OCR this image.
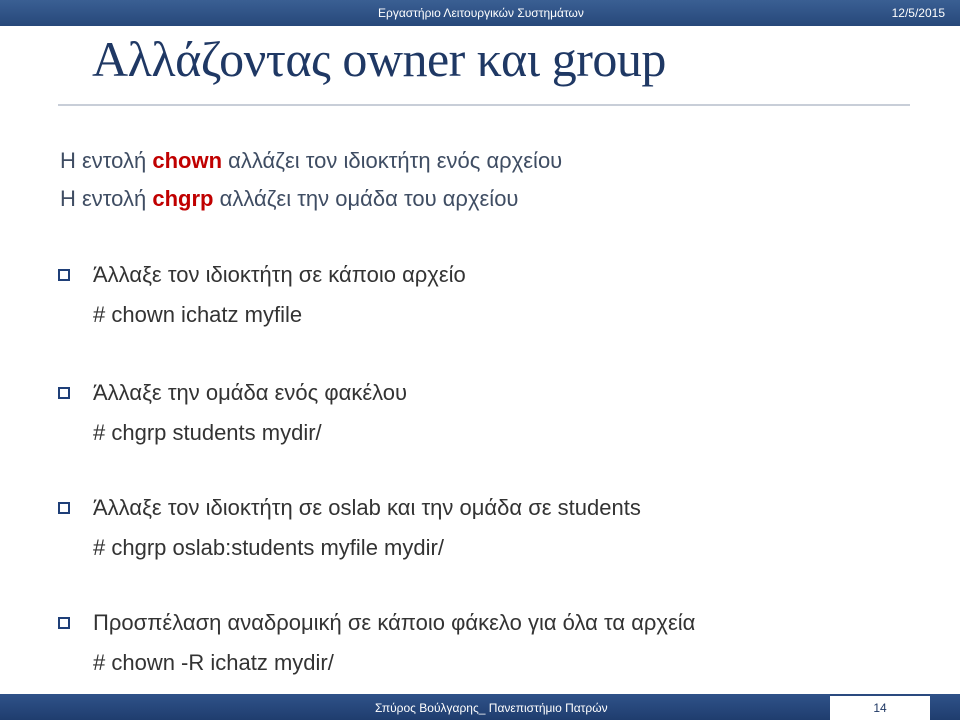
Εργαστήριο Λειτουργικών Συστημάτων	12/5/2015
Αλλάζοντας owner και group
Η εντολή chown αλλάζει τον ιδιοκτήτη ενός αρχείου
Η εντολή chgrp αλλάζει την ομάδα του αρχείου
Άλλαξε τον ιδιοκτήτη σε κάποιο αρχείο
# chown ichatz myfile
Άλλαξε την ομάδα ενός φακέλου
# chgrp students mydir/
Άλλαξε τον ιδιοκτήτη σε oslab και την ομάδα σε students
# chgrp oslab:students myfile mydir/
Προσπέλαση αναδρομική σε κάποιο φάκελο για όλα τα αρχεία
# chown -R ichatz mydir/
Σπύρος Βούλγαρης_ Πανεπιστήμιο Πατρών	14
